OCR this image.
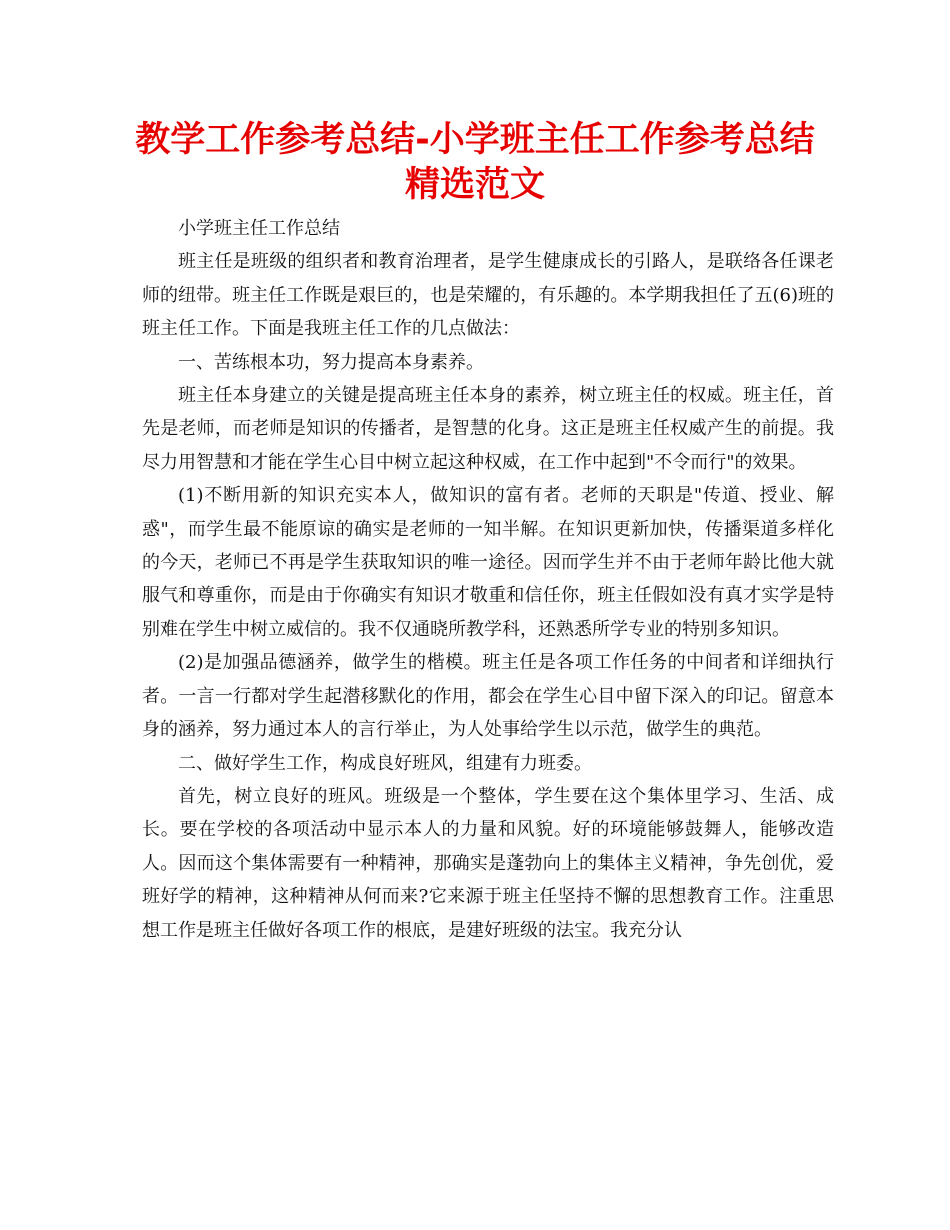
教学工作参考总结-小学班主任工作参考总结精选范文

小学班主任工作总结

班主任是班级的组织者和教育治理者，是学生健康成长的引路人，是联络各任课老师的纽带。班主任工作既是艰巨的，也是荣耀的，有乐趣的。本学期我担任了五(6)班的班主任工作。下面是我班主任工作的几点做法：

一、苦练根本功，努力提高本身素养。

班主任本身建立的关键是提高班主任本身的素养，树立班主任的权威。班主任，首先是老师，而老师是知识的传播者，是智慧的化身。这正是班主任权威产生的前提。我尽力用智慧和才能在学生心目中树立起这种权威，在工作中起到"不令而行"的效果。

(1)不断用新的知识充实本人，做知识的富有者。老师的天职是"传道、授业、解惑"，而学生最不能原谅的确实是老师的一知半解。在知识更新加快，传播渠道多样化的今天，老师已不再是学生获取知识的唯一途径。因而学生并不由于老师年龄比他大就服气和尊重你，而是由于你确实有知识才敬重和信任你，班主任假如没有真才实学是特别难在学生中树立威信的。我不仅通晓所教学科，还熟悉所学专业的特别多知识。

(2)是加强品德涵养，做学生的楷模。班主任是各项工作任务的中间者和详细执行者。一言一行都对学生起潜移默化的作用，都会在学生心目中留下深入的印记。留意本身的涵养，努力通过本人的言行举止，为人处事给学生以示范，做学生的典范。

二、做好学生工作，构成良好班风，组建有力班委。

首先，树立良好的班风。班级是一个整体，学生要在这个集体里学习、生活、成长。要在学校的各项活动中显示本人的力量和风貌。好的环境能够鼓舞人，能够改造人。因而这个集体需要有一种精神，那确实是蓬勃向上的集体主义精神，争先创优，爱班好学的精神，这种精神从何而来?它来源于班主任坚持不懈的思想教育工作。注重思想工作是班主任做好各项工作的根底，是建好班级的法宝。我充分认
